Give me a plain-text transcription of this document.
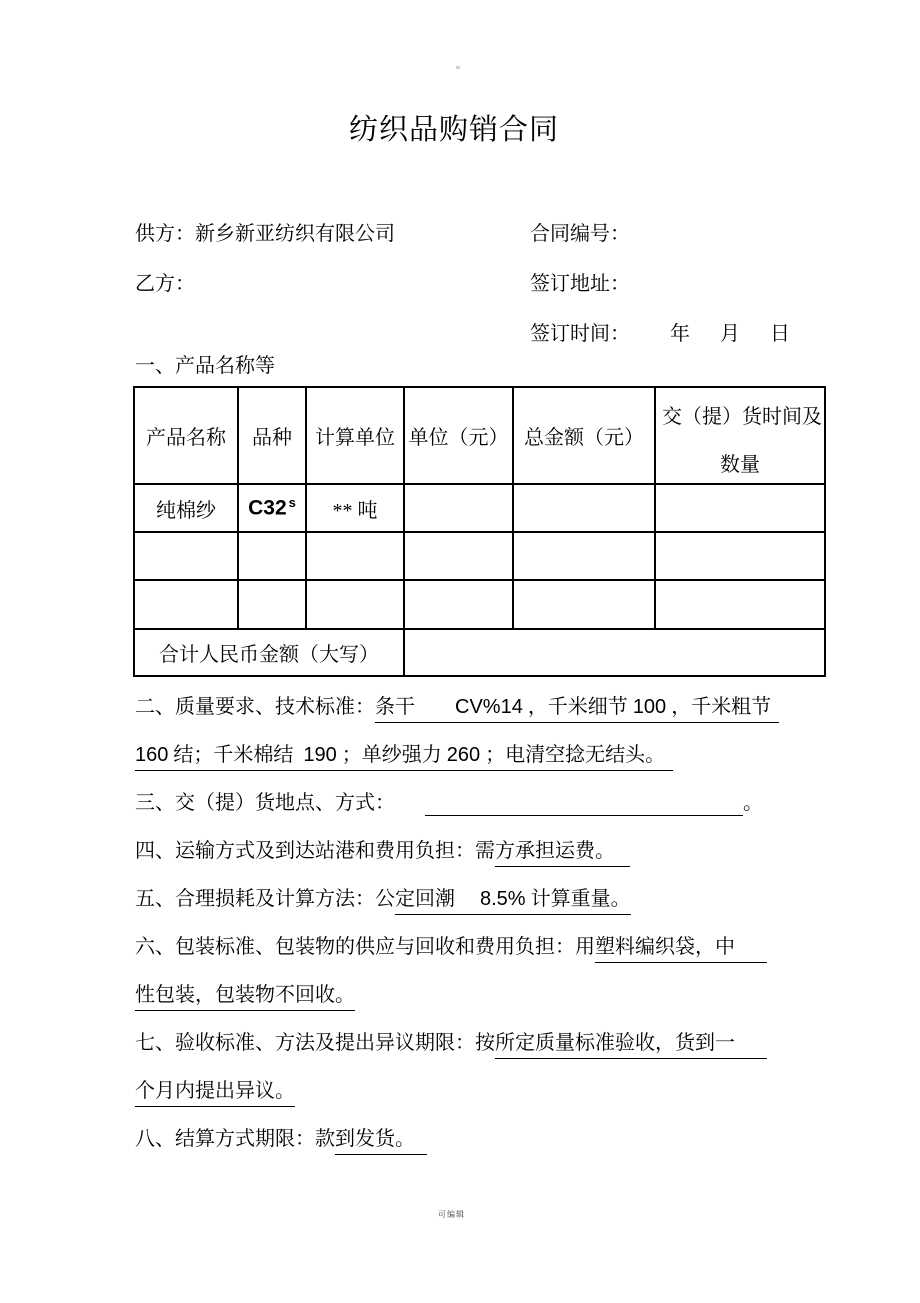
纺织品购销合同
供方：新乡新亚纺织有限公司	合同编号：
乙方：	签订地址：
签订时间： 年 月 日
一、产品名称等
产品名称	品种	计算单位	单位（元）	总金额（元）	交（提）货时间及
数量

纯棉纱	C32 $^s$	** 吨			

合计人民币金额（大写）					
二、质量要求、技术标准：条干　　CV%14 ，千米细节 100 ，千米粗节
160 结；千米棉结  190 ；单纱强力 260 ；电清空捻无结头。
三、交（提）货地点、方式：	。
四、运输方式及到达站港和费用负担：需方承担运费。
五、合理损耗及计算方法：公定回潮　 8.5% 计算重量。
六、包装标准、包装物的供应与回收和费用负担：用塑料编织袋，中
性包装，包装物不回收。
七、验收标准、方法及提出异议期限：按所定质量标准验收，货到一
个月内提出异议。
八、结算方式期限：款到发货。
可编辑
